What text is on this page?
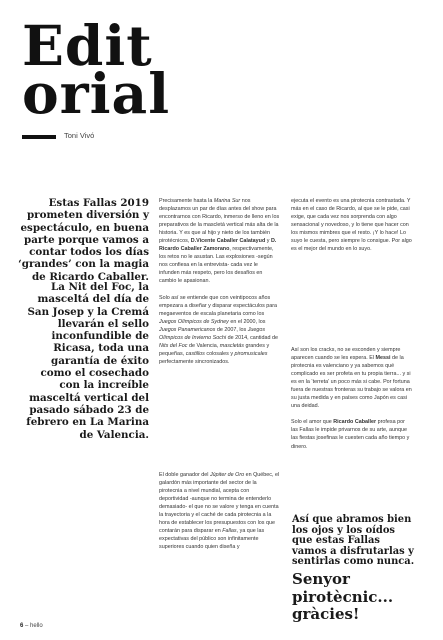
Edit
orial
Toni Vivó
Estas Fallas 2019 prometen diversión y espectáculo, en buena parte porque vamos a contar todos los días ‘grandes’ con la magia de Ricardo Caballer.
La Nit del Foc, la masceltá del día de San Josep y la Cremá llevarán el sello inconfundible de Ricasa, toda una garantía de éxito como el cosechado con la increíble masceltá vertical del pasado sábado 23 de febrero en La Marina de Valencia.

Precisamente hasta la Marina Sur nos desplazamos un par de días antes del show para encontrarnos con Ricardo, inmerso de lleno en los preparativos de la mascletá vertical más alta de la historia. Y es que al hijo y nieto de los también pirotécnicos, D.Vicente Caballer Calatayud y D. Ricardo Caballer Zamorano, respectivamente, los retos no le asustan. Las explosiones -según nos confiesa en la entrevista- cada vez le infunden más respeto, pero los desafíos en cambio le apasionan.

Solo así se entiende que con veintipocos años empezara a diseñar y disparar espectáculos para megaeventos de escala planetaria como los Juegos Olímpicos de Sydney en el 2000, los Juegos Panamericanos de 2007, los Juegos Olímpicos de Invierno Sochi de 2014, cantidad de Nits del Foc de Valencia, mascletás grandes y pequeñas, castillos colosales y piromusicales perfectamente sincronizados.

El doble ganador del Júpiter de Oro en Québec, el galardón más importante del sector de la pirotecnia a nivel mundial, acepta con deportividad -aunque no termina de entenderlo demasiado- el que no se valore y tenga en cuenta la trayectoria y el caché de cada pirotecnia a la hora de establecer los presupuestos con los que contarán para disparar en Fallas, ya que las expectativas del público son infinitamente superiores cuando quien diseña y

ejecuta el evento es una pirotecnia contrastada. Y más en el caso de Ricardo, al que se le pide, casi exige, que cada vez nos sorprenda con algo sensacional y novedoso, y lo tiene que hacer con los mismos mimbres que el resto. ¡Y lo hace! Lo suyo le cuesta, pero siempre lo consigue. Por algo es el mejor del mundo en lo suyo.

Así son los cracks, no se esconden y siempre aparecen cuando se les espera. El Messi de la pirotecnia es valenciano y ya sabemos qué complicado es ser profeta en tu propia tierra... y si es en la ‘terreta’ un poco más si cabe. Por fortuna fuera de nuestras fronteras su trabajo se valora en su justa medida y en países como Japón es casi una deidad.

Solo el amor que Ricardo Caballer profesa por las Fallas le impide privarnos de su arte, aunque las fiestas josefinas le cuesten cada año tiempo y dinero.

Así que abramos bien los ojos y los oídos que estas Fallas vamos a disfrutarlas y sentirlas como nunca.
Senyor pirotècnic... gràcies!
6 – hello
